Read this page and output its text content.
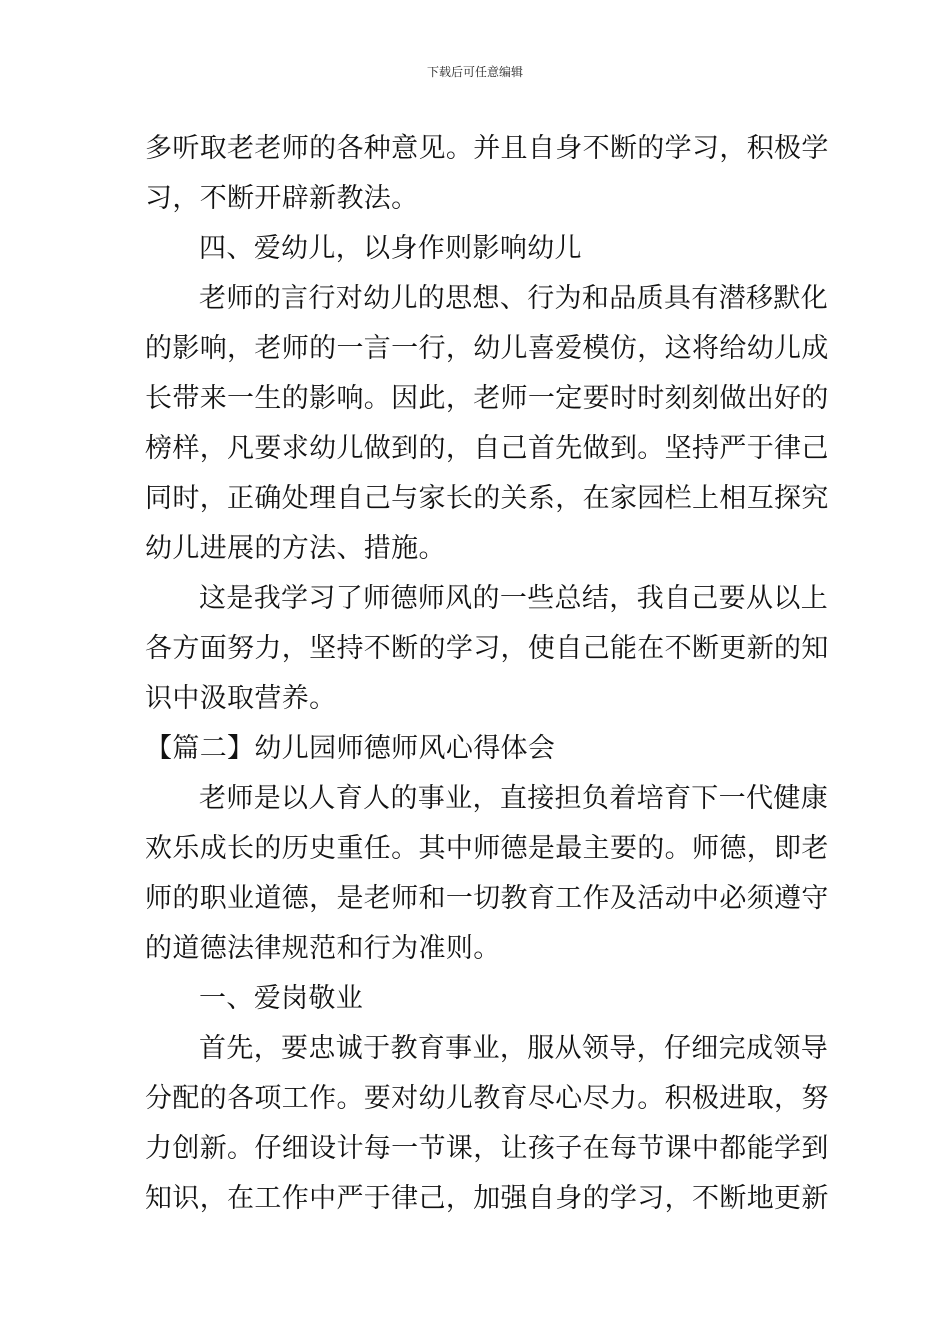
下载后可任意编辑
多听取老老师的各种意见。并且自身不断的学习，积极学
习，不断开辟新教法。
四、爱幼儿，以身作则影响幼儿
老师的言行对幼儿的思想、行为和品质具有潜移默化
的影响，老师的一言一行，幼儿喜爱模仿，这将给幼儿成
长带来一生的影响。因此，老师一定要时时刻刻做出好的
榜样，凡要求幼儿做到的，自己首先做到。坚持严于律己
同时，正确处理自己与家长的关系，在家园栏上相互探究
幼儿进展的方法、措施。
这是我学习了师德师风的一些总结，我自己要从以上
各方面努力，坚持不断的学习，使自己能在不断更新的知
识中汲取营养。
【篇二】幼儿园师德师风心得体会
老师是以人育人的事业，直接担负着培育下一代健康
欢乐成长的历史重任。其中师德是最主要的。师德，即老
师的职业道德，是老师和一切教育工作及活动中必须遵守
的道德法律规范和行为准则。
一、爱岗敬业
首先，要忠诚于教育事业，服从领导，仔细完成领导
分配的各项工作。要对幼儿教育尽心尽力。积极进取，努
力创新。仔细设计每一节课，让孩子在每节课中都能学到
知识，在工作中严于律己，加强自身的学习，不断地更新
